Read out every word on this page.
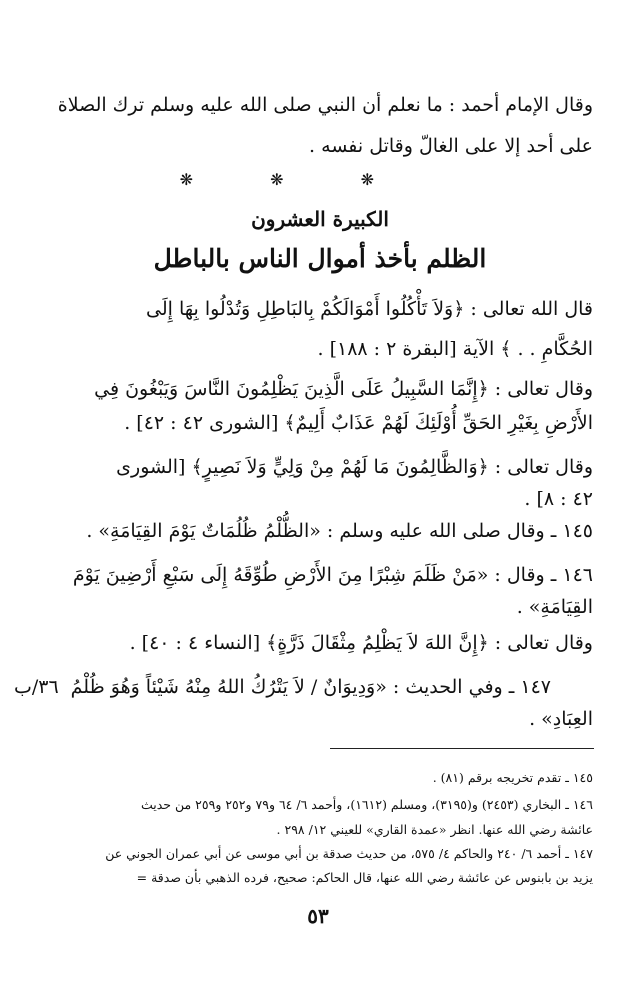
وقال الإمام أحمد : ما نعلم أن النبي صلى الله عليه وسلم ترك الصلاة
على أحد إلا على الغالّ وقاتل نفسه .
❋ ❋ ❋
الكبيرة العشرون
الظلم بأخذ أموال الناس بالباطل
قال الله تعالى : ﴿وَلاَ تَأْكُلُوا أَمْوَالَكُمْ بِالبَاطِلِ وَتُدْلُوا بِهَا إِلَى
الحُكَّامِ . . ﴾ الآية [البقرة ٢ : ١٨٨] .
وقال تعالى : ﴿إِنَّمَا السَّبِيلُ عَلَى الَّذِينَ يَظْلِمُونَ النَّاسَ وَيَبْغُونَ فِي
الأَرْضِ بِغَيْرِ الحَقِّ أُوْلَئِكَ لَهُمْ عَذَابٌ أَلِيمٌ﴾ [الشورى ٤٢ : ٤٢] .
وقال تعالى : ﴿وَالظَّالِمُونَ مَا لَهُمْ مِنْ وَلِيٍّ وَلاَ نَصِيرٍ﴾ [الشورى
٤٢ : ٨] .
١٤٥ ـ وقال صلى الله عليه وسلم : «الظُّلْمُ ظُلُمَاتٌ يَوْمَ القِيَامَةِ» .
١٤٦ ـ وقال : «مَنْ ظَلَمَ شِبْرًا مِنَ الأَرْضِ طُوِّقَهُ إِلَى سَبْعِ أَرْضِينَ يَوْمَ
القِيَامَةِ» .
وقال تعالى : ﴿إِنَّ اللهَ لاَ يَظْلِمُ مِثْقَالَ ذَرَّةٍ﴾ [النساء ٤ : ٤٠] .
١٤٧ ـ وفي الحديث : «وَدِيوَانٌ / لاَ يَتْرُكُ اللهُ مِنْهُ شَيْئاً وَهُوَ ظُلْمُ
٣٦/ب
العِبَادِ» .
١٤٥ ـ تقدم تخريجه برقم (٨١) .
١٤٦ ـ البخاري (٢٤٥٣) و(٣١٩٥)، ومسلم (١٦١٢)، وأحمد ٦/ ٦٤ و٧٩ و٢٥٢ و٢٥٩ من حديث
عائشة رضي الله عنها. انظر «عمدة القاري» للعيني ١٢/ ٢٩٨ .
١٤٧ ـ أحمد ٦/ ٢٤٠ والحاكم ٤/ ٥٧٥، من حديث صدقة بن أبي موسى عن أبي عمران الجوني عن
يزيد بن بابنوس عن عائشة رضي الله عنها، قال الحاكم: صحيح، فرده الذهبي بأن صدقة =
٥٣
